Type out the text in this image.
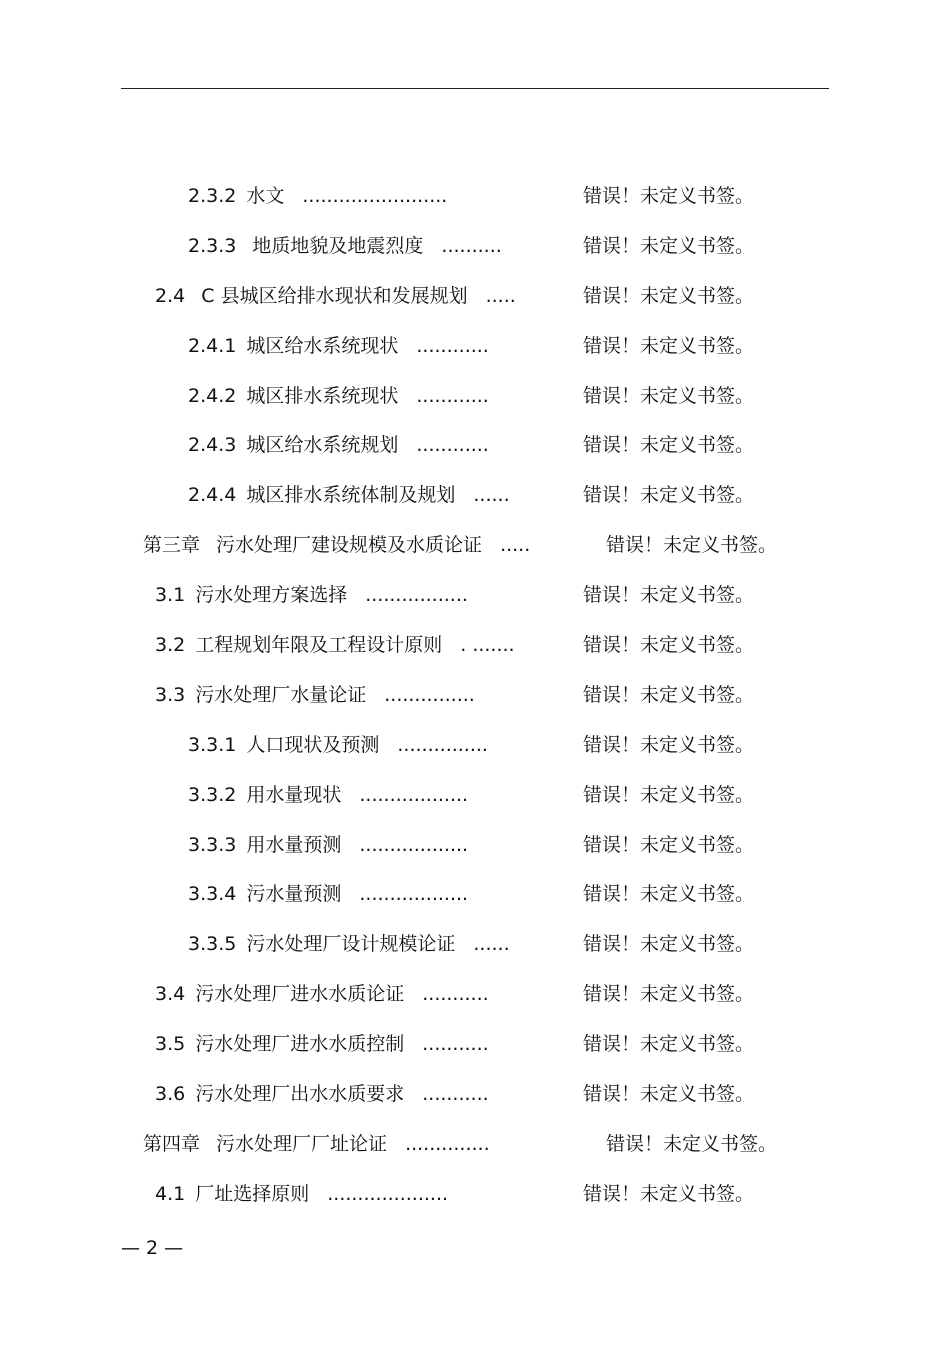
2.3.2 水文 ........................	错误！未定义书签。
2.3.3 地质地貌及地震烈度 ..........	错误！未定义书签。
2.4 C 县城区给排水现状和发展规划 .....	错误！未定义书签。
2.4.1 城区给水系统现状 ............	错误！未定义书签。
2.4.2 城区排水系统现状 ............	错误！未定义书签。
2.4.3 城区给水系统规划 ............	错误！未定义书签。
2.4.4 城区排水系统体制及规划 ......	错误！未定义书签。
第三章 污水处理厂建设规模及水质论证 .....	错误！未定义书签。
3.1 污水处理方案选择 .................	错误！未定义书签。
3.2 工程规划年限及工程设计原则 . .......	错误！未定义书签。
3.3 污水处理厂水量论证 ...............	错误！未定义书签。
3.3.1 人口现状及预测 ...............	错误！未定义书签。
3.3.2 用水量现状 ..................	错误！未定义书签。
3.3.3 用水量预测 ..................	错误！未定义书签。
3.3.4 污水量预测 ..................	错误！未定义书签。
3.3.5 污水处理厂设计规模论证 ......	错误！未定义书签。
3.4 污水处理厂进水水质论证 ...........	错误！未定义书签。
3.5 污水处理厂进水水质控制 ...........	错误！未定义书签。
3.6 污水处理厂出水水质要求 ...........	错误！未定义书签。
第四章 污水处理厂厂址论证 ..............	错误！未定义书签。
4.1 厂址选择原则 ....................	错误！未定义书签。
— 2 —
